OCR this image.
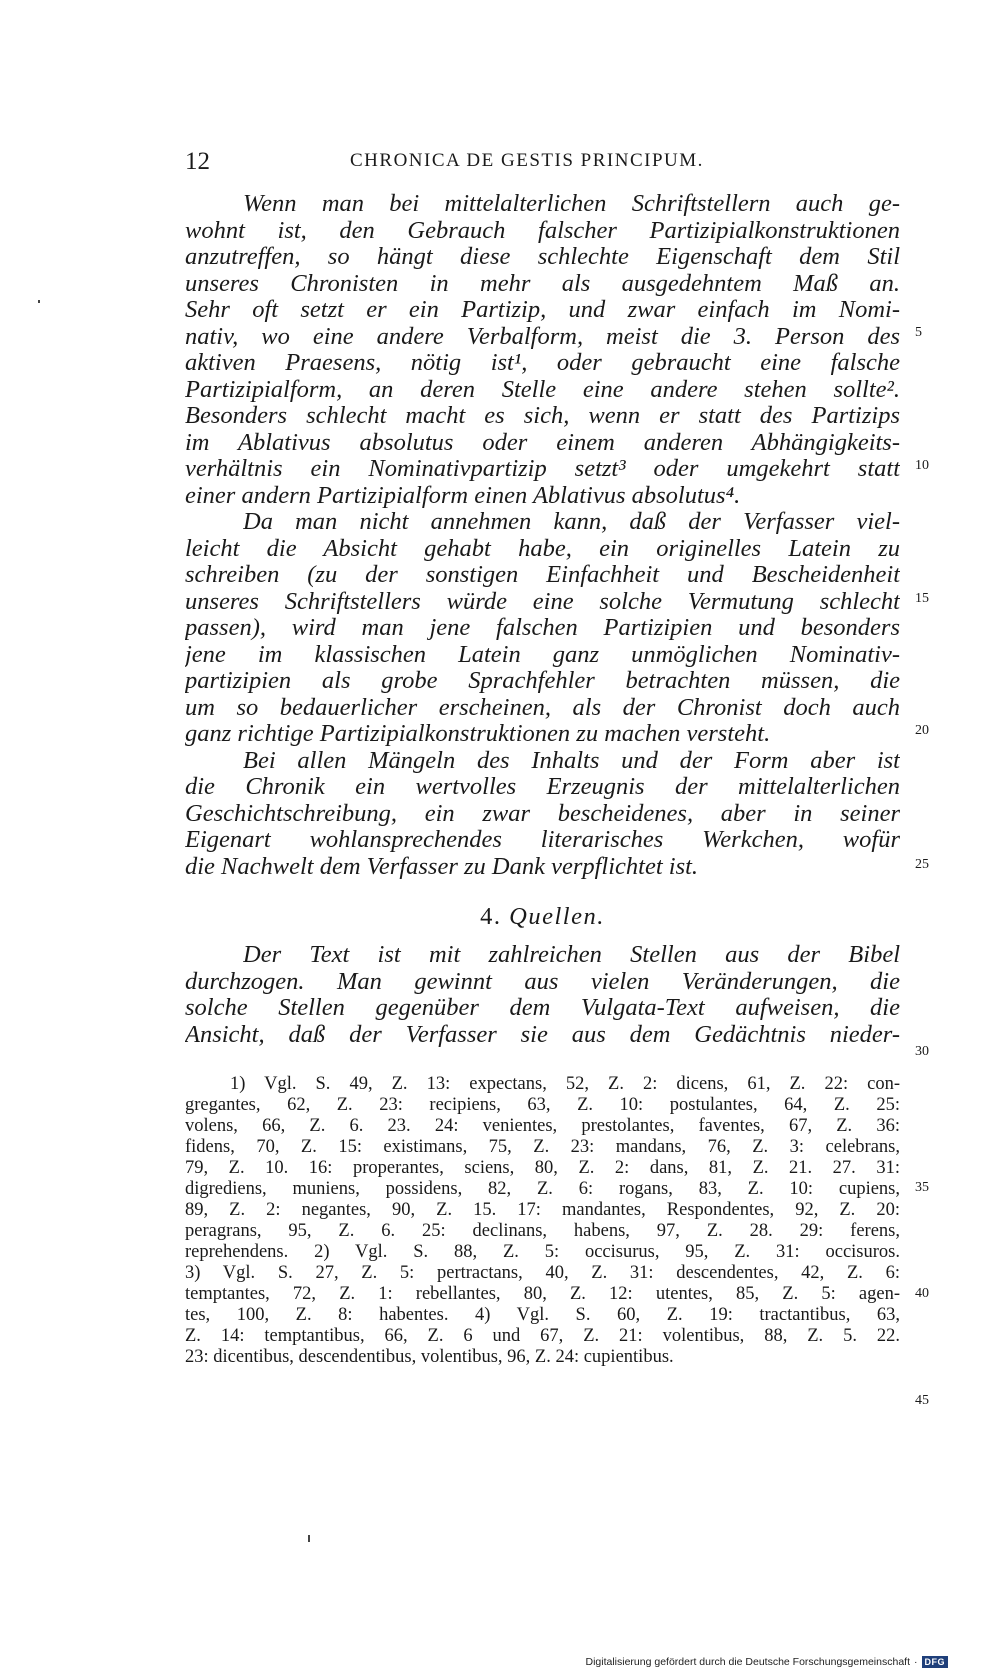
12	CHRONICA DE GESTIS PRINCIPUM.
Wenn man bei mittelalterlichen Schriftstellern auch ge-
wohnt ist, den Gebrauch falscher Partizipialkonstruktionen
anzutreffen, so hängt diese schlechte Eigenschaft dem Stil
unseres Chronisten in mehr als ausgedehntem Maß an.
Sehr oft setzt er ein Partizip, und zwar einfach im Nomi-
nativ, wo eine andere Verbalform, meist die 3. Person des
aktiven Praesens, nötig ist¹, oder gebraucht eine falsche
Partizipialform, an deren Stelle eine andere stehen sollte².
Besonders schlecht macht es sich, wenn er statt des Partizips
im Ablativus absolutus oder einem anderen Abhängigkeits-
verhältnis ein Nominativpartizip setzt³ oder umgekehrt statt
einer andern Partizipialform einen Ablativus absolutus⁴.
Da man nicht annehmen kann, daß der Verfasser viel-
leicht die Absicht gehabt habe, ein originelles Latein zu
schreiben (zu der sonstigen Einfachheit und Bescheidenheit
unseres Schriftstellers würde eine solche Vermutung schlecht
passen), wird man jene falschen Partizipien und besonders
jene im klassischen Latein ganz unmöglichen Nominativ-
partizipien als grobe Sprachfehler betrachten müssen, die
um so bedauerlicher erscheinen, als der Chronist doch auch
ganz richtige Partizipialkonstruktionen zu machen versteht.
Bei allen Mängeln des Inhalts und der Form aber ist
die Chronik ein wertvolles Erzeugnis der mittelalterlichen
Geschichtschreibung, ein zwar bescheidenes, aber in seiner
Eigenart wohlansprechendes literarisches Werkchen, wofür
die Nachwelt dem Verfasser zu Dank verpflichtet ist.
4. Quellen.
Der Text ist mit zahlreichen Stellen aus der Bibel
durchzogen. Man gewinnt aus vielen Veränderungen, die
solche Stellen gegenüber dem Vulgata-Text aufweisen, die
Ansicht, daß der Verfasser sie aus dem Gedächtnis nieder-
1) Vgl. S. 49, Z. 13: expectans, 52, Z. 2: dicens, 61, Z. 22: con-
gregantes, 62, Z. 23: recipiens, 63, Z. 10: postulantes, 64, Z. 25:
volens, 66, Z. 6. 23. 24: venientes, prestolantes, faventes, 67, Z. 36:
fidens, 70, Z. 15: existimans, 75, Z. 23: mandans, 76, Z. 3: celebrans,
79, Z. 10. 16: properantes, sciens, 80, Z. 2: dans, 81, Z. 21. 27. 31:
digrediens, muniens, possidens, 82, Z. 6: rogans, 83, Z. 10: cupiens,
89, Z. 2: negantes, 90, Z. 15. 17: mandantes, Respondentes, 92, Z. 20:
peragrans, 95, Z. 6. 25: declinans, habens, 97, Z. 28. 29: ferens,
reprehendens. 2) Vgl. S. 88, Z. 5: occisurus, 95, Z. 31: occisuros.
3) Vgl. S. 27, Z. 5: pertractans, 40, Z. 31: descendentes, 42, Z. 6:
temptantes, 72, Z. 1: rebellantes, 80, Z. 12: utentes, 85, Z. 5: agen-
tes, 100, Z. 8: habentes. 4) Vgl. S. 60, Z. 19: tractantibus, 63,
Z. 14: temptantibus, 66, Z. 6 und 67, Z. 21: volentibus, 88, Z. 5. 22.
23: dicentibus, descendentibus, volentibus, 96, Z. 24: cupientibus.
5
10
15
20
25
30
35
40
45
Digitalisierung gefördert durch die Deutsche Forschungsgemeinschaft · DFG
